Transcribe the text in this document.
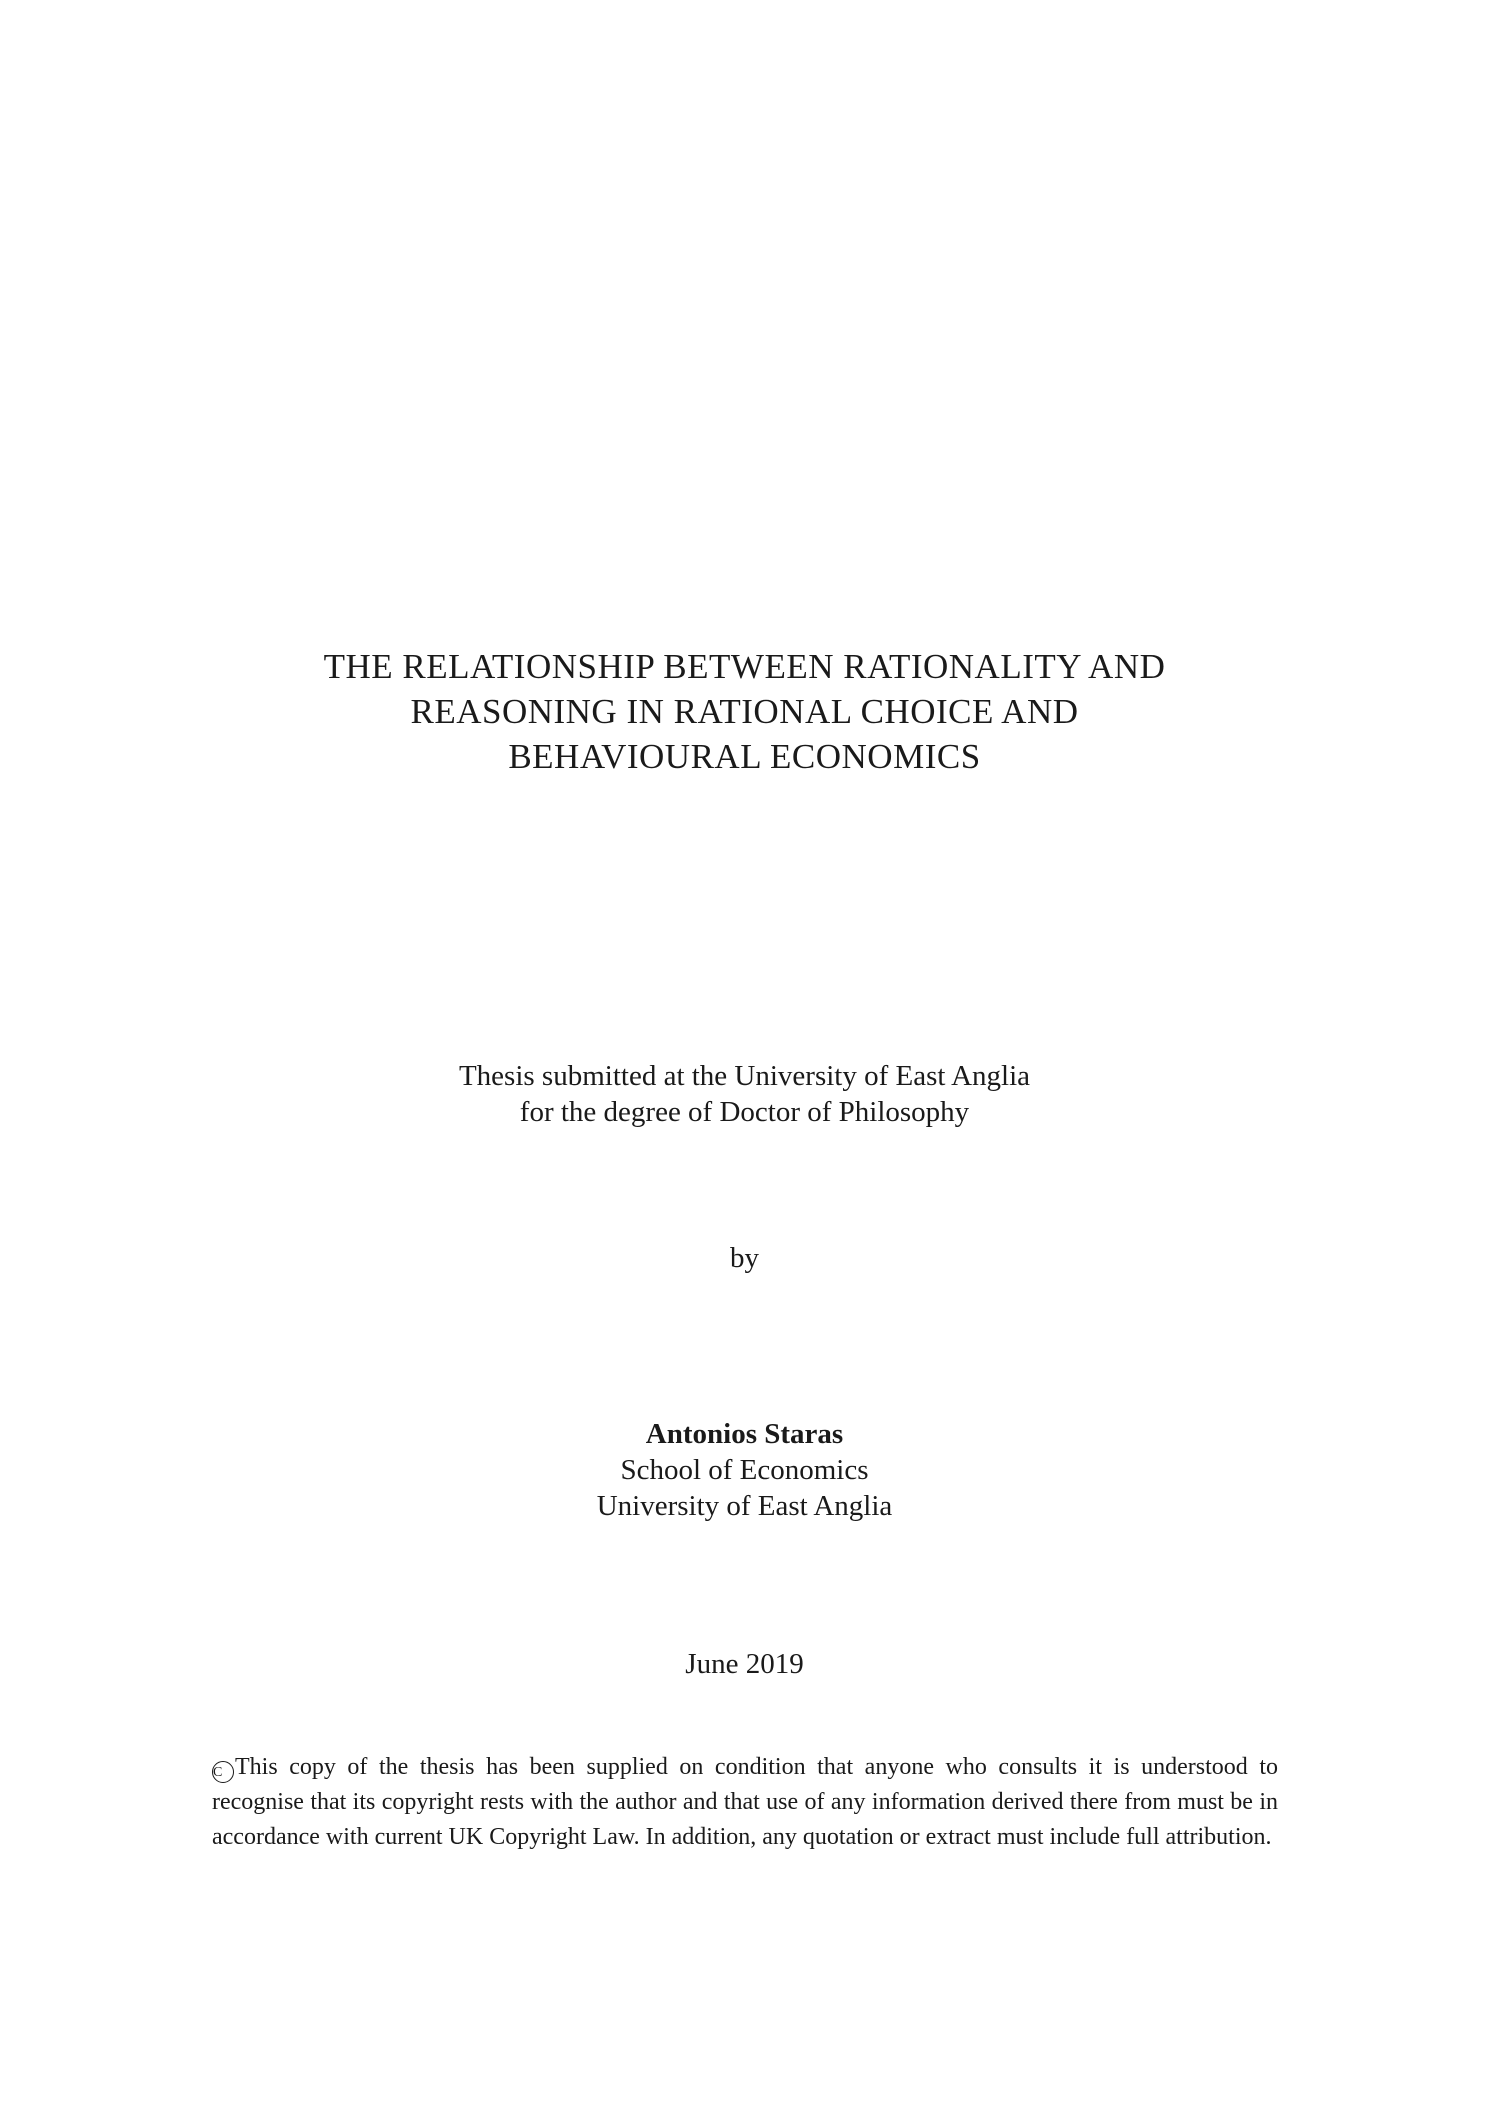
THE RELATIONSHIP BETWEEN RATIONALITY AND
REASONING IN RATIONAL CHOICE AND
BEHAVIOURAL ECONOMICS
Thesis submitted at the University of East Anglia
for the degree of Doctor of Philosophy
by
Antonios Staras
School of Economics
University of East Anglia
June 2019
C This copy of the thesis has been supplied on condition that anyone who consults it is understood to recognise that its copyright rests with the author and that use of any information derived there from must be in accordance with current UK Copyright Law. In addition, any quotation or extract must include full attribution.
